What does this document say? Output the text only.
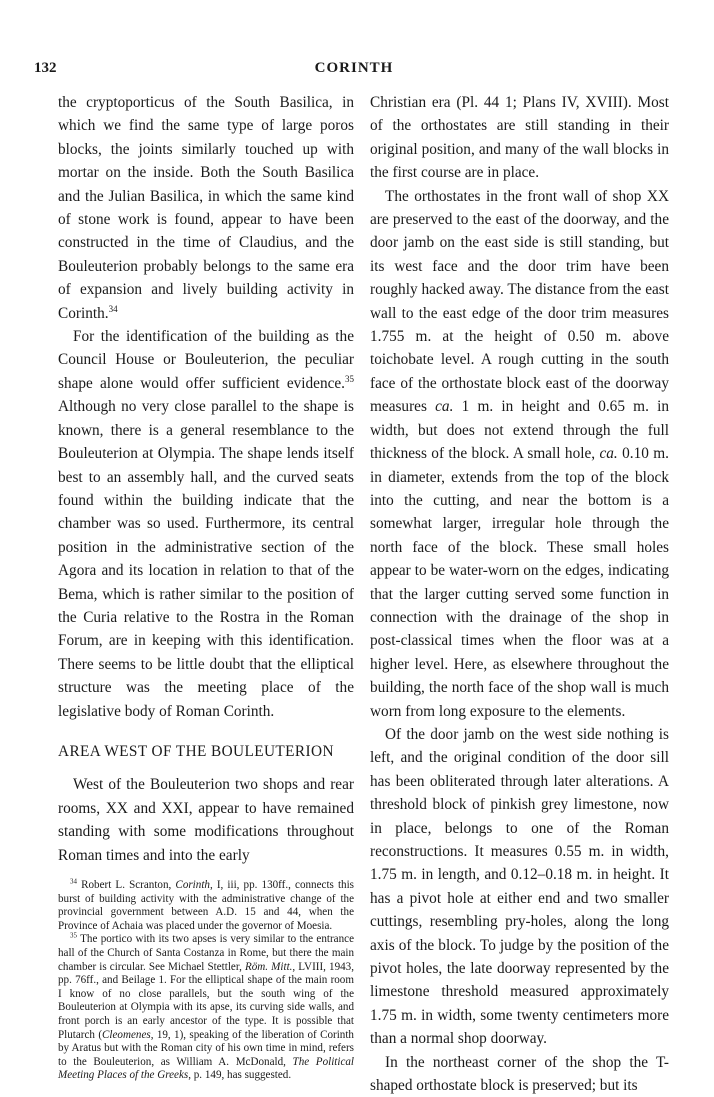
132	CORINTH

the cryptoporticus of the South Basilica, in which we find the same type of large poros blocks, the joints similarly touched up with mortar on the inside. Both the South Basilica and the Julian Basilica, in which the same kind of stone work is found, appear to have been constructed in the time of Claudius, and the Bouleuterion probably belongs to the same era of expansion and lively building activity in Corinth.$^{34}$

For the identification of the building as the Council House or Bouleuterion, the peculiar shape alone would offer sufficient evidence.$^{35}$ Although no very close parallel to the shape is known, there is a general resemblance to the Bouleuterion at Olympia. The shape lends itself best to an assembly hall, and the curved seats found within the building indicate that the chamber was so used. Furthermore, its central position in the administrative section of the Agora and its location in relation to that of the Bema, which is rather similar to the position of the Curia relative to the Rostra in the Roman Forum, are in keeping with this identification. There seems to be little doubt that the elliptical structure was the meeting place of the legislative body of Roman Corinth.

AREA WEST OF THE BOULEUTERION

West of the Bouleuterion two shops and rear rooms, XX and XXI, appear to have remained standing with some modifications throughout Roman times and into the early

$^{34}$ Robert L. Scranton, Corinth, I, iii, pp. 130ff., connects this burst of building activity with the administrative change of the provincial government between A.D. 15 and 44, when the Province of Achaia was placed under the governor of Moesia.

$^{35}$ The portico with its two apses is very similar to the entrance hall of the Church of Santa Costanza in Rome, but there the main chamber is circular. See Michael Stettler, Röm. Mitt., LVIII, 1943, pp. 76ff., and Beilage 1. For the elliptical shape of the main room I know of no close parallels, but the south wing of the Bouleuterion at Olympia with its apse, its curving side walls, and front porch is an early ancestor of the type. It is possible that Plutarch (Cleomenes, 19, 1), speaking of the liberation of Corinth by Aratus but with the Roman city of his own time in mind, refers to the Bouleuterion, as William A. McDonald, The Political Meeting Places of the Greeks, p. 149, has suggested.

Christian era (Pl. 44 1; Plans IV, XVIII). Most of the orthostates are still standing in their original position, and many of the wall blocks in the first course are in place.

The orthostates in the front wall of shop XX are preserved to the east of the doorway, and the door jamb on the east side is still standing, but its west face and the door trim have been roughly hacked away. The distance from the east wall to the east edge of the door trim measures 1.755 m. at the height of 0.50 m. above toichobate level. A rough cutting in the south face of the orthostate block east of the doorway measures ca. 1 m. in height and 0.65 m. in width, but does not extend through the full thickness of the block. A small hole, ca. 0.10 m. in diameter, extends from the top of the block into the cutting, and near the bottom is a somewhat larger, irregular hole through the north face of the block. These small holes appear to be water-worn on the edges, indicating that the larger cutting served some function in connection with the drainage of the shop in post-classical times when the floor was at a higher level. Here, as elsewhere throughout the building, the north face of the shop wall is much worn from long exposure to the elements.

Of the door jamb on the west side nothing is left, and the original condition of the door sill has been obliterated through later alterations. A threshold block of pinkish grey limestone, now in place, belongs to one of the Roman reconstructions. It measures 0.55 m. in width, 1.75 m. in length, and 0.12–0.18 m. in height. It has a pivot hole at either end and two smaller cuttings, resembling pry-holes, along the long axis of the block. To judge by the position of the pivot holes, the late doorway represented by the limestone threshold measured approximately 1.75 m. in width, some twenty centimeters more than a normal shop doorway.

In the northeast corner of the shop the T-shaped orthostate block is preserved; but its
